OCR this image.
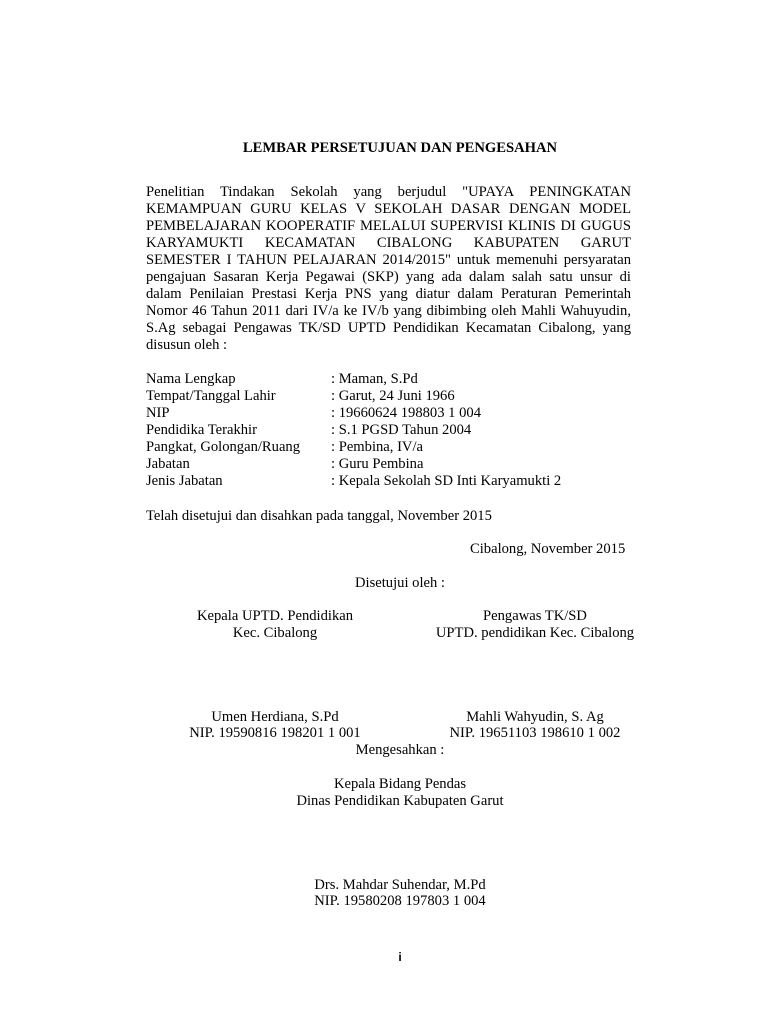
LEMBAR PERSETUJUAN DAN PENGESAHAN
Penelitian Tindakan Sekolah yang berjudul "UPAYA PENINGKATAN
KEMAMPUAN GURU KELAS V SEKOLAH DASAR DENGAN MODEL
PEMBELAJARAN KOOPERATIF MELALUI SUPERVISI KLINIS DI GUGUS
KARYAMUKTI KECAMATAN CIBALONG KABUPATEN GARUT
SEMESTER I TAHUN PELAJARAN 2014/2015" untuk memenuhi persyaratan
pengajuan Sasaran Kerja Pegawai (SKP) yang ada dalam salah satu unsur di
dalam Penilaian Prestasi Kerja PNS yang diatur dalam Peraturan Pemerintah
Nomor 46 Tahun 2011 dari IV/a ke IV/b yang dibimbing oleh Mahli Wahuyudin,
S.Ag sebagai Pengawas TK/SD UPTD Pendidikan Kecamatan Cibalong, yang
disusun oleh :
Nama Lengkap	: Maman, S.Pd
Tempat/Tanggal Lahir	: Garut, 24 Juni 1966
NIP	: 19660624 198803 1 004
Pendidika Terakhir	: S.1 PGSD Tahun 2004
Pangkat, Golongan/Ruang	: Pembina, IV/a
Jabatan	: Guru Pembina
Jenis Jabatan	: Kepala Sekolah SD Inti Karyamukti 2
Telah disetujui dan disahkan pada tanggal, November 2015
Cibalong, November 2015
Disetujui oleh :
Kepala UPTD. Pendidikan
Kec. Cibalong
Umen Herdiana, S.Pd
NIP. 19590816 198201 1 001
Pengawas TK/SD
UPTD. pendidikan Kec. Cibalong
Mahli Wahyudin, S. Ag
NIP. 19651103 198610 1 002
Mengesahkan :
Kepala Bidang Pendas
Dinas Pendidikan Kabupaten Garut
Drs. Mahdar Suhendar, M.Pd
NIP. 19580208 197803 1 004
i
